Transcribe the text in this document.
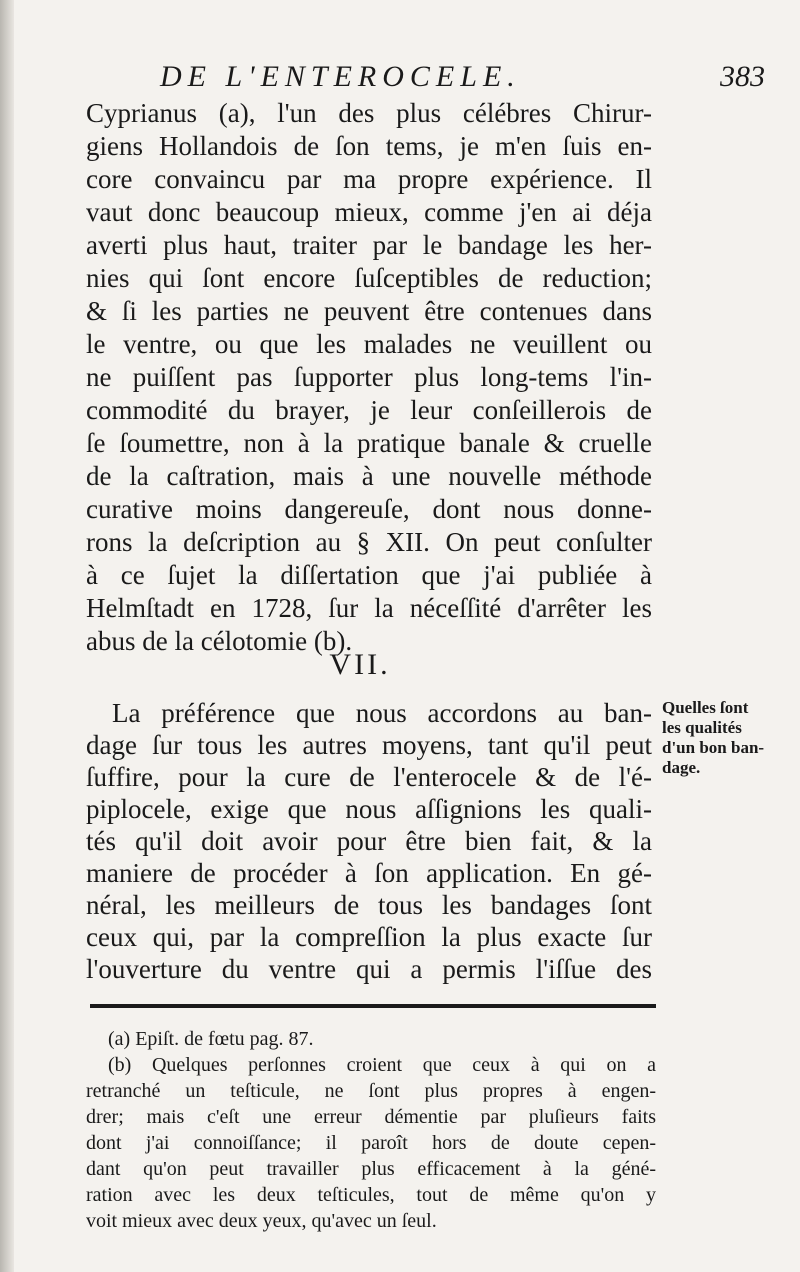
DE L'ENTEROCELE.	383
Cyprianus (a), l'un des plus célébres Chirur-
giens Hollandois de ſon tems, je m'en ſuis en-
core convaincu par ma propre expérience. Il
vaut donc beaucoup mieux, comme j'en ai déja
averti plus haut, traiter par le bandage les her-
nies qui ſont encore ſuſceptibles de reduction;
& ſi les parties ne peuvent être contenues dans
le ventre, ou que les malades ne veuillent ou
ne puiſſent pas ſupporter plus long-tems l'in-
commodité du brayer, je leur conſeillerois de
ſe ſoumettre, non à la pratique banale & cruelle
de la caſtration, mais à une nouvelle méthode
curative moins dangereuſe, dont nous donne-
rons la deſcription au § XII. On peut conſulter
à ce ſujet la diſſertation que j'ai publiée à
Helmſtadt en 1728, ſur la néceſſité d'arrêter les
abus de la célotomie (b).
VII.
Quelles ſont
les qualités
d'un bon ban-
dage.
La préférence que nous accordons au ban-
dage ſur tous les autres moyens, tant qu'il peut
ſuffire, pour la cure de l'enterocele & de l'é-
piplocele, exige que nous aſſignions les quali-
tés qu'il doit avoir pour être bien fait, & la
maniere de procéder à ſon application. En gé-
néral, les meilleurs de tous les bandages ſont
ceux qui, par la compreſſion la plus exacte ſur
l'ouverture du ventre qui a permis l'iſſue des
(a) Epiſt. de fœtu pag. 87.
(b) Quelques perſonnes croient que ceux à qui on a
retranché un teſticule, ne ſont plus propres à engen-
drer; mais c'eſt une erreur démentie par pluſieurs faits
dont j'ai connoiſſance; il paroît hors de doute cepen-
dant qu'on peut travailler plus efficacement à la géné-
ration avec les deux teſticules, tout de même qu'on y
voit mieux avec deux yeux, qu'avec un ſeul.
